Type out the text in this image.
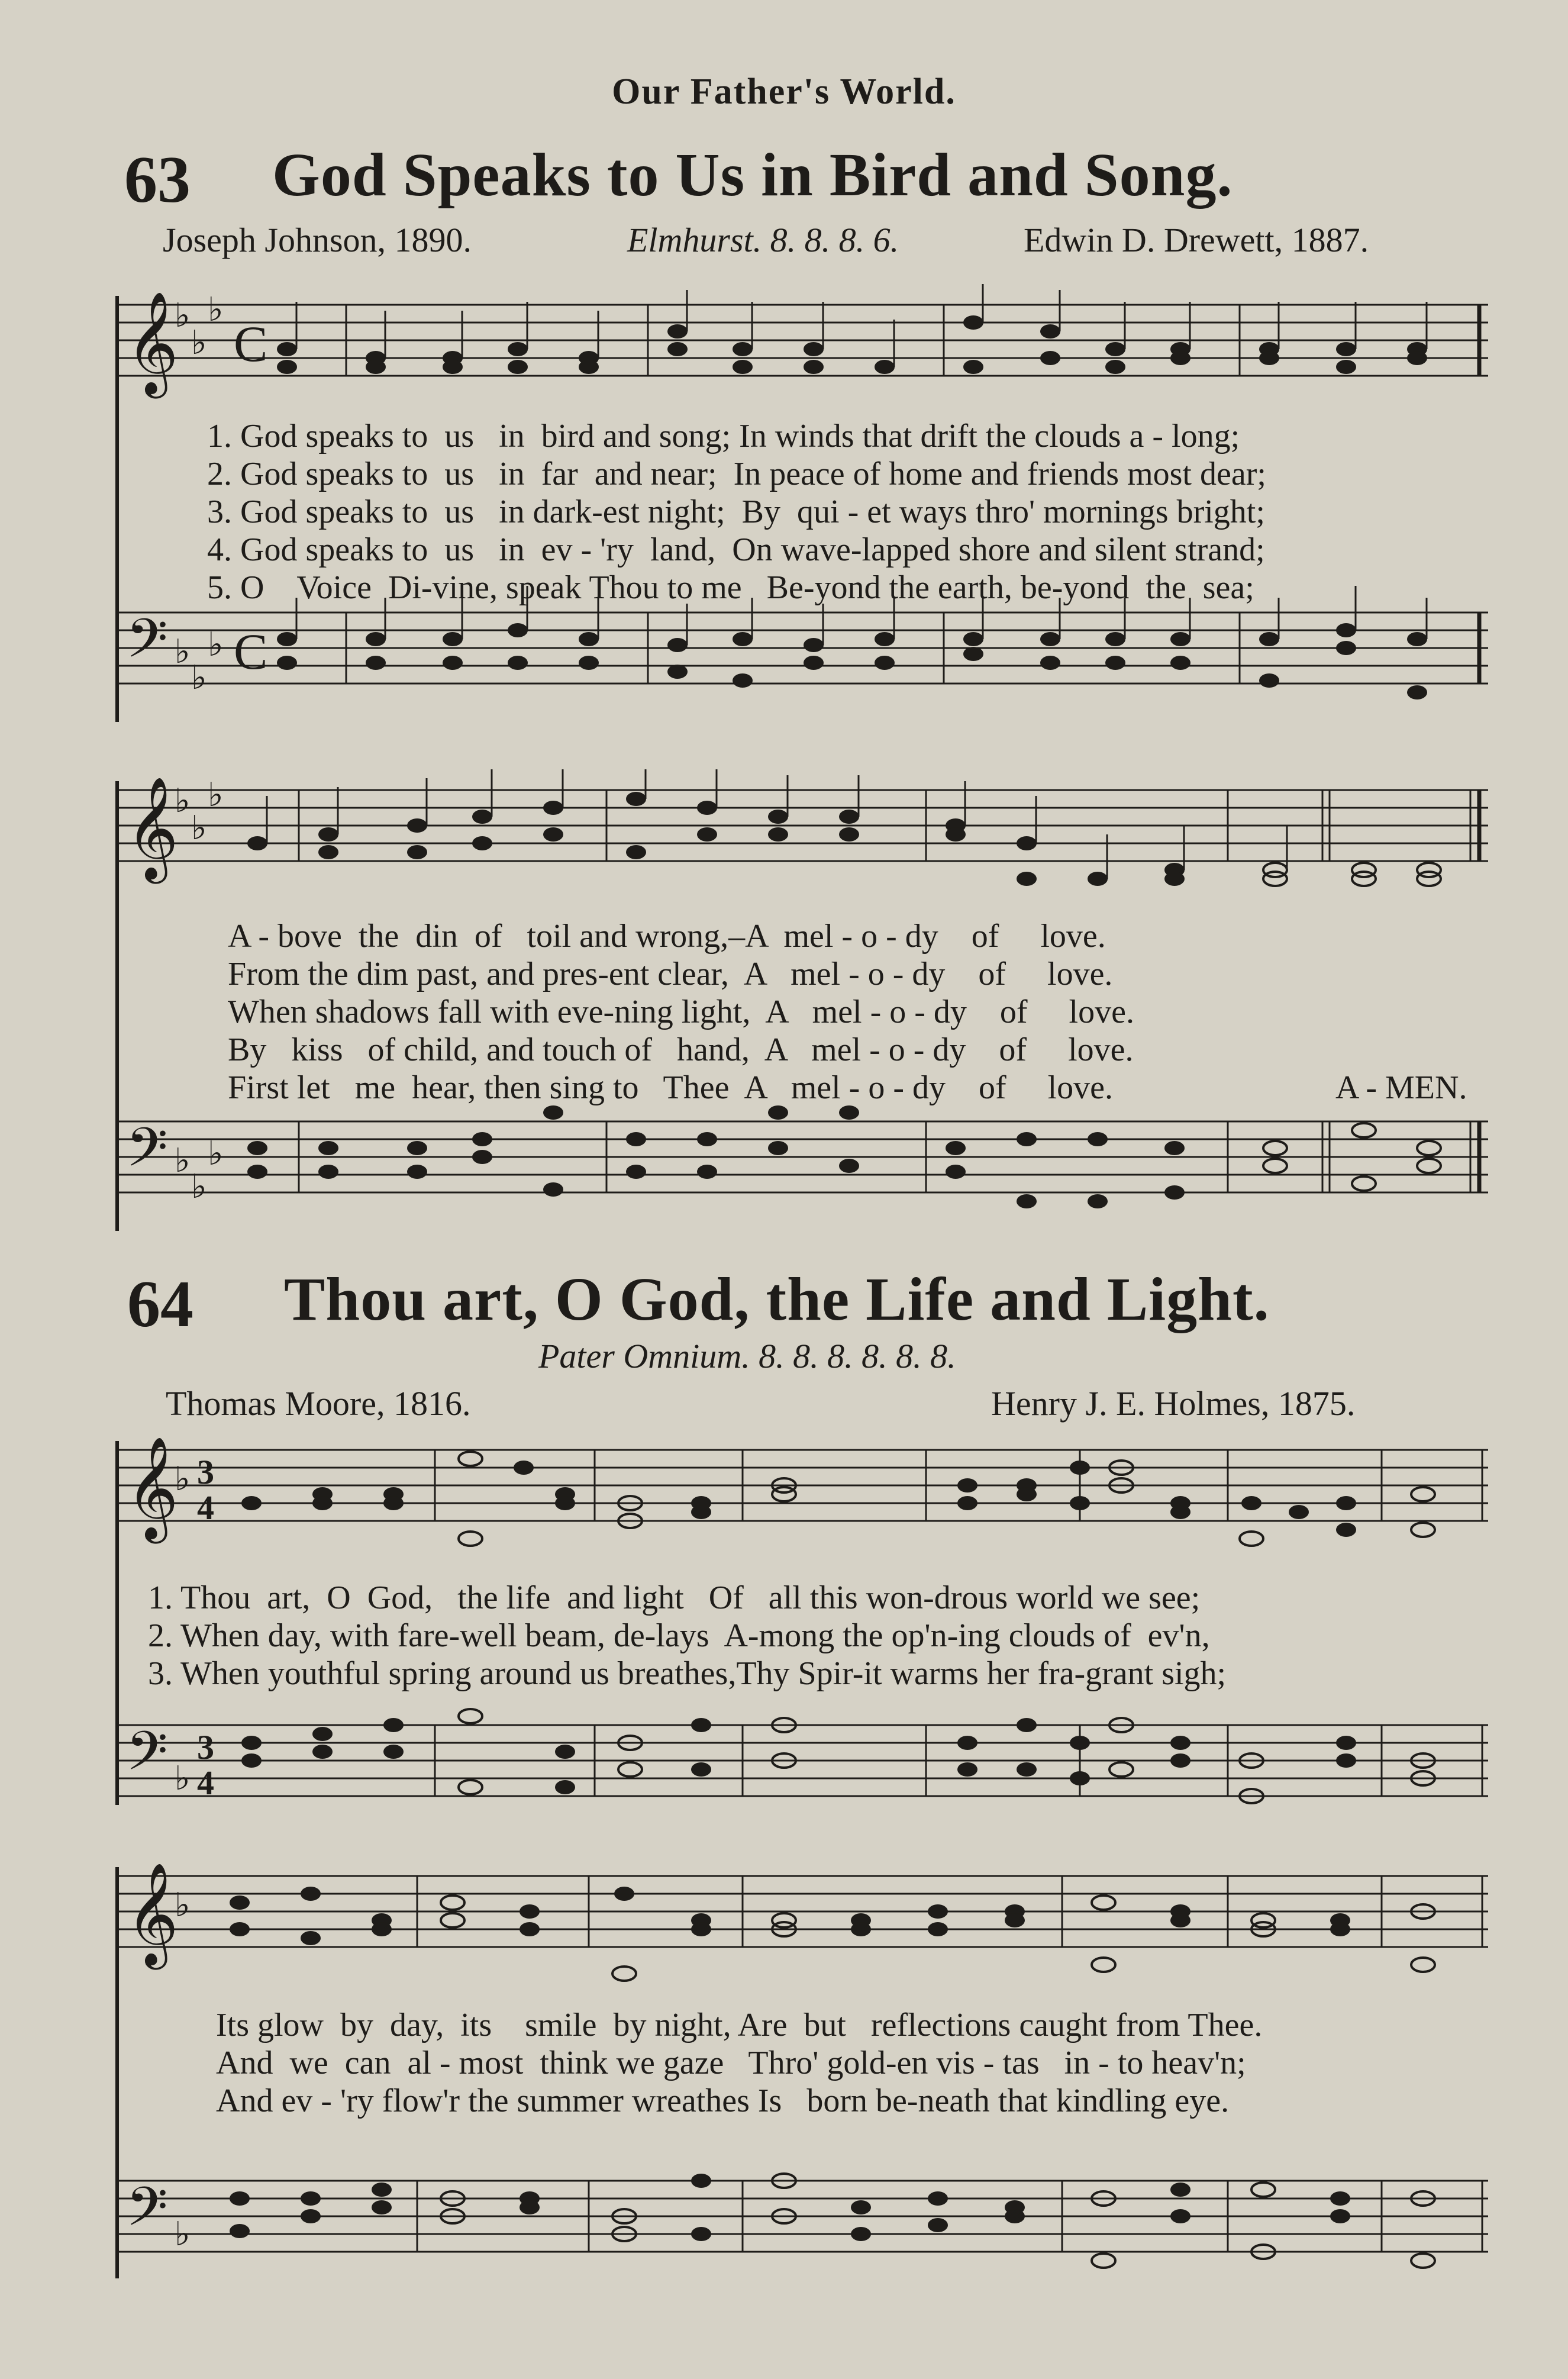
Our Father's World.
63 God Speaks to Us in Bird and Song.
Joseph Johnson, 1890.	Elmhurst. 8. 8. 8. 6.	Edwin D. Drewett, 1887.
𝄞
𝄢
♭
♭
♭
♭
♭
♭
C
C
1. God speaks to  us   in  bird and song; In winds that drift the clouds a - long;
2. God speaks to  us   in  far  and near;  In peace of home and friends most dear;
3. God speaks to  us   in dark-est night;  By  qui - et ways thro' mornings bright;
4. God speaks to  us   in  ev - 'ry  land,  On wave-lapped shore and silent strand;
5. O    Voice  Di-vine, speak Thou to me   Be-yond the earth, be-yond  the  sea;
𝄞
𝄢
♭
♭
♭
♭
♭
♭
A - bove  the  din  of   toil and wrong,–A  mel - o - dy    of     love.
From the dim past, and pres-ent clear,  A   mel - o - dy    of     love.
When shadows fall with eve-ning light,  A   mel - o - dy    of     love.
By   kiss   of child, and touch of   hand,  A   mel - o - dy    of     love.
First let   me  hear, then sing to   Thee  A   mel - o - dy    of     love.	A - MEN.
64 Thou art, O God, the Life and Light.
Pater Omnium. 8. 8. 8. 8. 8. 8.
Thomas Moore, 1816.	Henry J. E. Holmes, 1875.
𝄞
𝄢
♭
♭
3
4
3
4
1. Thou  art,  O  God,   the life  and light   Of   all this won-drous world we see;
2. When day, with fare-well beam, de-lays  A-mong the op'n-ing clouds of  ev'n,
3. When youthful spring around us breathes,Thy Spir-it warms her fra-grant sigh;
𝄞
𝄢
♭
♭
Its glow  by  day,  its    smile  by night, Are  but   reflections caught from Thee.
And  we  can  al - most  think we gaze   Thro' gold-en vis - tas   in - to heav'n;
And ev - 'ry flow'r the summer wreathes Is   born be-neath that kindling eye.
